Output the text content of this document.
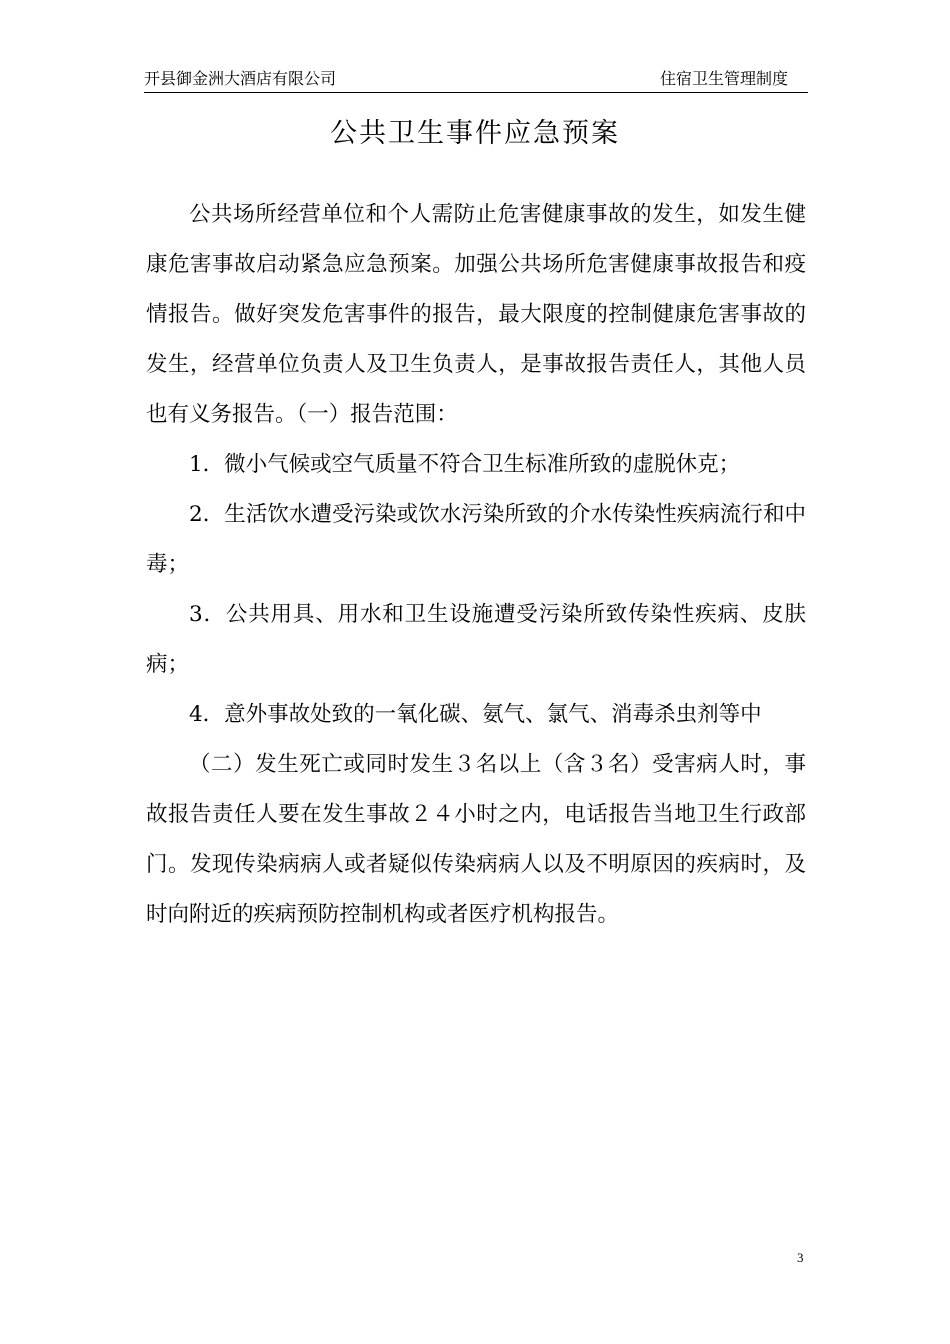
开县御金洲大酒店有限公司	住宿卫生管理制度
公共卫生事件应急预案

公共场所经营单位和个人需防止危害健康事故的发生，如发生健康危害事故启动紧急应急预案。加强公共场所危害健康事故报告和疫情报告。做好突发危害事件的报告，最大限度的控制健康危害事故的发生，经营单位负责人及卫生负责人，是事故报告责任人，其他人员也有义务报告。（一）报告范围：

1．微小气候或空气质量不符合卫生标准所致的虚脱休克；

2．生活饮水遭受污染或饮水污染所致的介水传染性疾病流行和中毒；

3．公共用具、用水和卫生设施遭受污染所致传染性疾病、皮肤病；

4．意外事故处致的一氧化碳、氨气、氯气、消毒杀虫剂等中

（二）发生死亡或同时发生３名以上（含３名）受害病人时，事故报告责任人要在发生事故２４小时之内，电话报告当地卫生行政部门。发现传染病病人或者疑似传染病病人以及不明原因的疾病时，及时向附近的疾病预防控制机构或者医疗机构报告。

3
